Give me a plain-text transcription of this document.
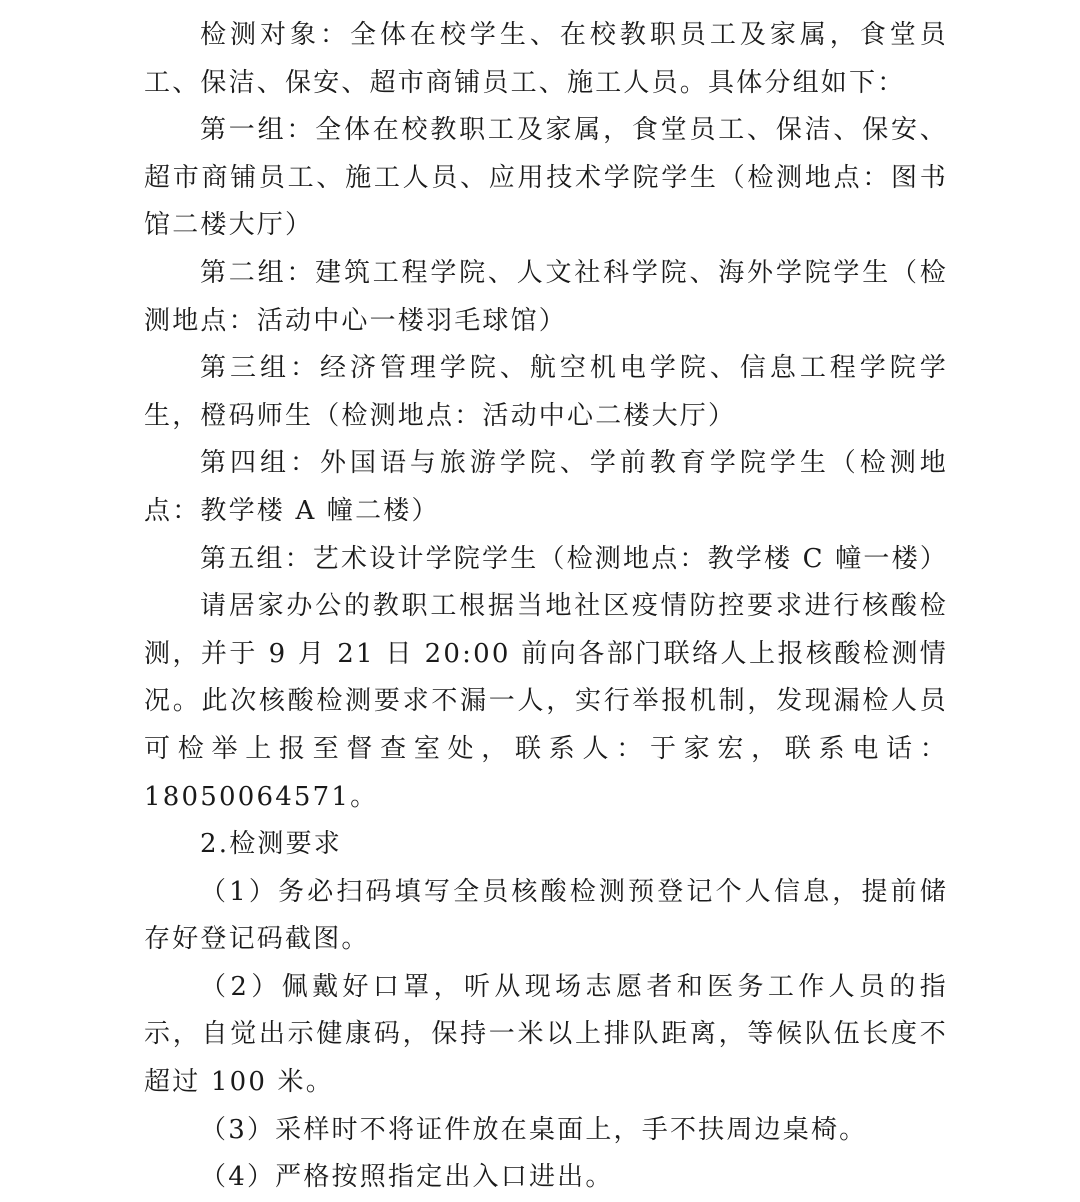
检测对象：全体在校学生、在校教职员工及家属，食堂员工、保洁、保安、超市商铺员工、施工人员。具体分组如下：

第一组：全体在校教职工及家属，食堂员工、保洁、保安、超市商铺员工、施工人员、应用技术学院学生（检测地点：图书馆二楼大厅）

第二组：建筑工程学院、人文社科学院、海外学院学生（检测地点：活动中心一楼羽毛球馆）

第三组：经济管理学院、航空机电学院、信息工程学院学生，橙码师生（检测地点：活动中心二楼大厅）

第四组：外国语与旅游学院、学前教育学院学生（检测地点：教学楼 A 幢二楼）

第五组：艺术设计学院学生（检测地点：教学楼 C 幢一楼）

请居家办公的教职工根据当地社区疫情防控要求进行核酸检测，并于 9 月 21 日 20:00 前向各部门联络人上报核酸检测情况。此次核酸检测要求不漏一人，实行举报机制，发现漏检人员可检举上报至督查室处，联系人：于家宏，联系电话：18050064571。

2.检测要求

（1）务必扫码填写全员核酸检测预登记个人信息，提前储存好登记码截图。

（2）佩戴好口罩，听从现场志愿者和医务工作人员的指示，自觉出示健康码，保持一米以上排队距离，等候队伍长度不超过 100 米。

（3）采样时不将证件放在桌面上，手不扶周边桌椅。

（4）严格按照指定出入口进出。
